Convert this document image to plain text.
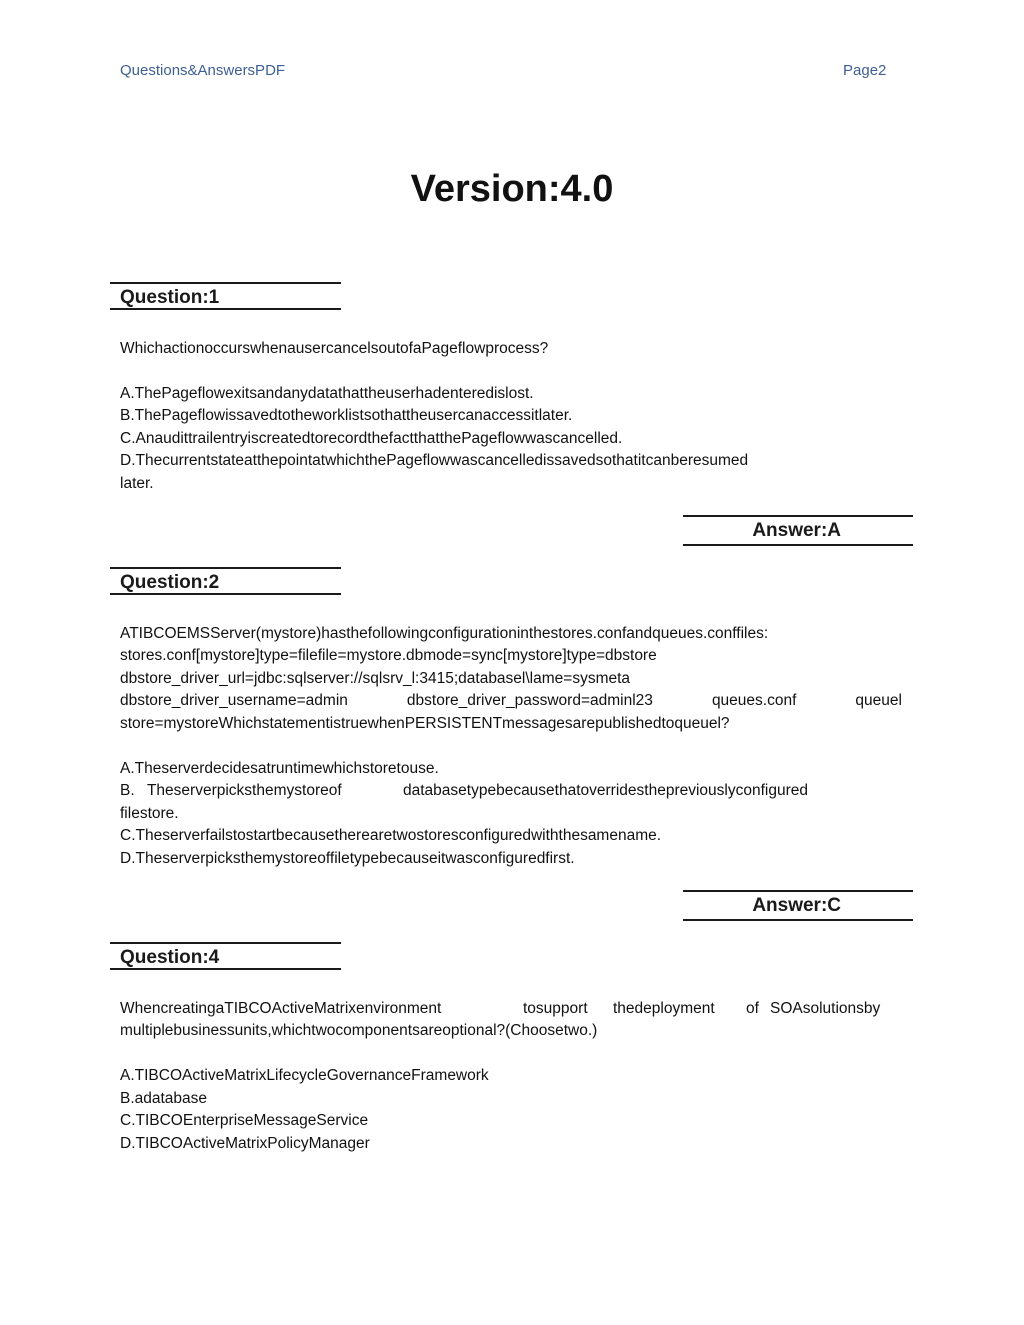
Questions&AnswersPDF	Page2
Version:4.0
Question:1
WhichactionoccurswhenausercancelsoutofaPageflowprocess?
A.ThePageflowexitsandanydatathattheuserhadenteredislost.
B.ThePageflowissavedtotheworklistsothattheusercanaccessitlater.
C.AnaudittrailentryiscreatedtorecordthefactthatthePageflowwascancelled.
D.ThecurrentstateatthepointatwhichthePageflowwascancelledissavedsothatitcanberesumed
later.
Answer:A
Question:2
ATIBCOEMSServer(mystore)hasthefollowingconfigurationinthestores.confandqueues.conffiles:
stores.conf[mystore]type=filefile=mystore.dbmode=sync[mystore]type=dbstore
dbstore_driver_url=jdbc:sqlserver://sqlsrv_l:3415;databasel\lame=sysmeta
dbstore_driver_username=admin	dbstore_driver_password=adminl23	queues.conf	queuel
store=mystoreWhichstatementistruewhenPERSISTENTmessagesarepublishedtoqueuel?
A.Theserverdecidesatruntimewhichstoretouse.
B. Theserverpicksthemystoreof	databasetypebecausethatoverridesthepreviouslyconfigured
filestore.
C.Theserverfailstostartbecausetherearetwostoresconfiguredwiththesamename.
D.Theserverpicksthemystoreoffiletypebecauseitwasconfiguredfirst.
Answer:C
Question:4
WhencreatingaTIBCOActiveMatrixenvironment	tosupport thedeployment of SOAsolutionsby
multiplebusinessunits,whichtwocomponentsareoptional?(Choosetwo.)
A.TIBCOActiveMatrixLifecycleGovernanceFramework
B.adatabase
C.TIBCOEnterpriseMessageService
D.TIBCOActiveMatrixPolicyManager
